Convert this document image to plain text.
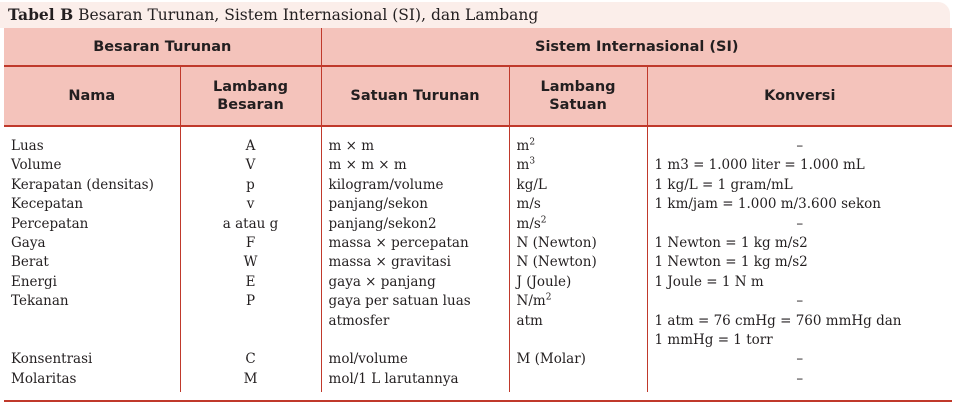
Tabel B Besaran Turunan, Sistem Internasional (SI), dan Lambang
Besaran Turunan		Sistem Internasional (SI)		
Nama	Lambang Besaran	Satuan Turunan	Lambang Satuan	Konversi
Luas	A	m × m	$m^2$	–
Volume	V	m × m × m	$m^3$	1 m3 = 1.000 liter = 1.000 mL
Kerapatan (densitas)	p	kilogram/volume	kg/L	1 kg/L = 1 gram/mL
Kecepatan	v	panjang/sekon	m/s	1 km/jam = 1.000 m/3.600 sekon
Percepatan	a atau g	panjang/sekon2	$m/s^2$	–
Gaya	F	massa × percepatan	N (Newton)	1 Newton = 1 kg m/s2
Berat	W	massa × gravitasi	N (Newton)	1 Newton = 1 kg m/s2
Energi	E	gaya × panjang	J (Joule)	1 Joule = 1 N m
Tekanan	P	gaya per satuan luas	$N/m^2$	–
		atmosfer	atm	1 atm = 76 cmHg = 760 mmHg dan
				1 mmHg = 1 torr
Konsentrasi	C	mol/volume	M (Molar)	–
Molaritas	M	mol/1 L larutannya		–
